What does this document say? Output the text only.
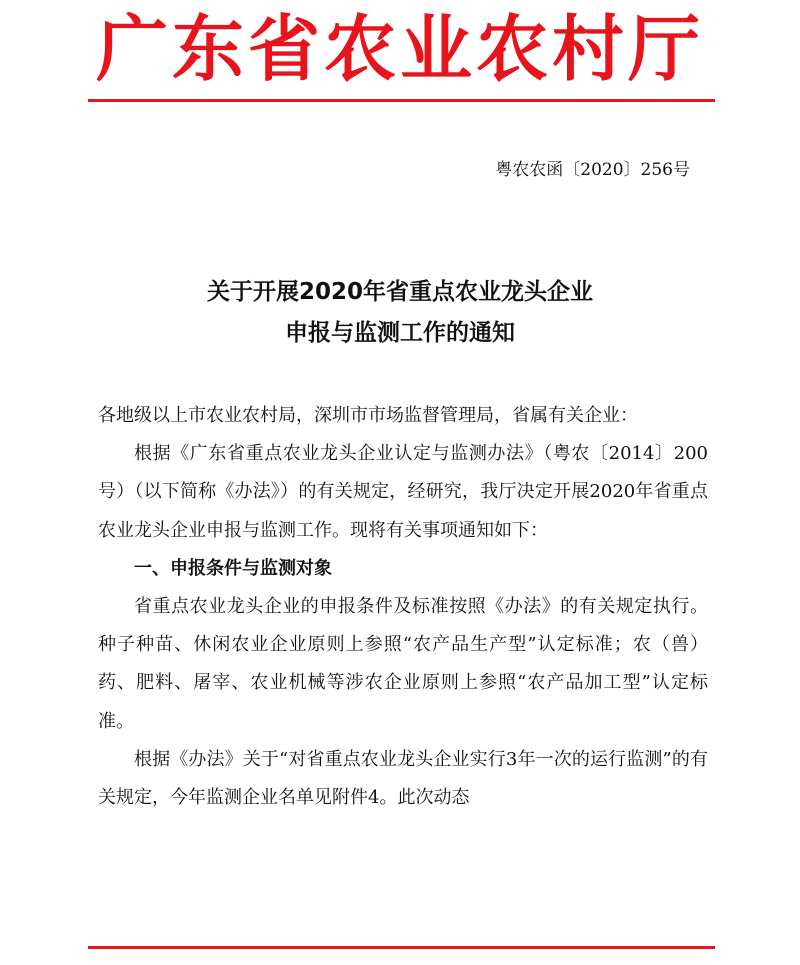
广东省农业农村厅
粤农农函〔2020〕256号
关于开展2020年省重点农业龙头企业
申报与监测工作的通知

各地级以上市农业农村局，深圳市市场监督管理局，省属有关企业：

根据《广东省重点农业龙头企业认定与监测办法》（粤农〔2014〕200号）（以下简称《办法》）的有关规定，经研究，我厅决定开展2020年省重点农业龙头企业申报与监测工作。现将有关事项通知如下：

一、申报条件与监测对象

省重点农业龙头企业的申报条件及标准按照《办法》的有关规定执行。种子种苗、休闲农业企业原则上参照“农产品生产型”认定标准；农（兽）药、肥料、屠宰、农业机械等涉农企业原则上参照“农产品加工型”认定标准。

根据《办法》关于“对省重点农业龙头企业实行3年一次的运行监测”的有关规定，今年监测企业名单见附件4。此次动态
